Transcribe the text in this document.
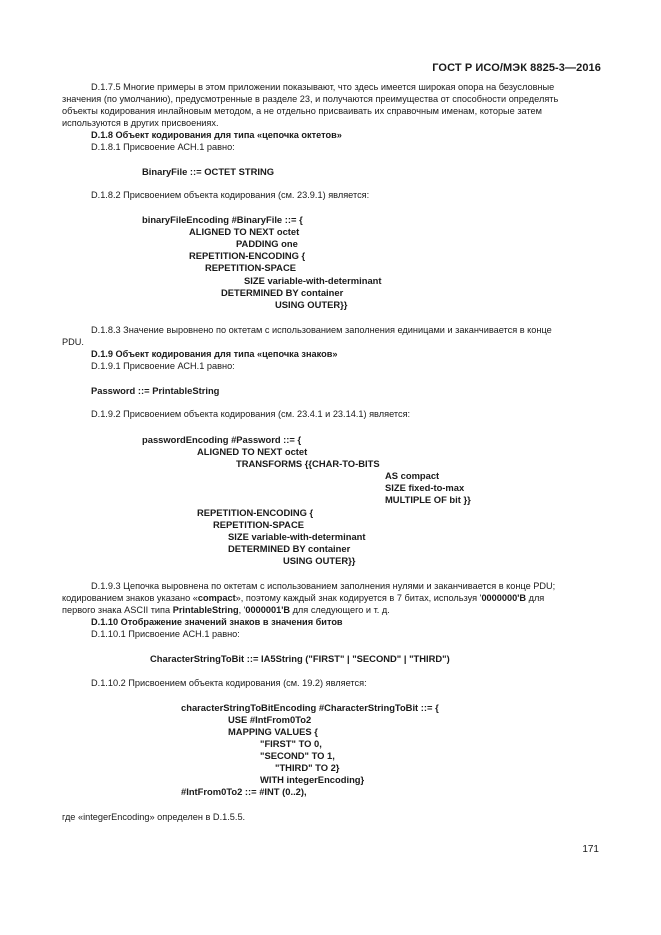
ГОСТ Р ИСО/МЭК 8825-3—2016
D.1.7.5 Многие примеры в этом приложении показывают, что здесь имеется широкая опора на безусловные
значения (по умолчанию), предусмотренные в разделе 23, и получаются преимущества от способности определять
объекты кодирования инлайновым методом, а не отдельно присваивать их справочным именам, которые затем
используются в других присвоениях.
D.1.8 Объект кодирования для типа «цепочка октетов»
D.1.8.1 Присвоение АСН.1 равно:
BinaryFile ::= OCTET STRING
D.1.8.2 Присвоением объекта кодирования (см. 23.9.1) является:
binaryFileEncoding #BinaryFile ::= {
ALIGNED TO NEXT octet
PADDING one
REPETITION-ENCODING {
REPETITION-SPACE
SIZE variable-with-determinant
DETERMINED BY container
USING OUTER}}
D.1.8.3 Значение выровнено по октетам с использованием заполнения единицами и заканчивается в конце
PDU.
D.1.9 Объект кодирования для типа «цепочка знаков»
D.1.9.1 Присвоение АСН.1 равно:
Password ::= PrintableString
D.1.9.2 Присвоением объекта кодирования (см. 23.4.1 и 23.14.1) является:
passwordEncoding #Password ::= {
ALIGNED TO NEXT octet
TRANSFORMS {{CHAR-TO-BITS
AS compact
SIZE fixed-to-max
MULTIPLE OF bit }}
REPETITION-ENCODING {
REPETITION-SPACE
SIZE variable-with-determinant
DETERMINED BY container
USING OUTER}}
D.1.9.3 Цепочка выровнена по октетам с использованием заполнения нулями и заканчивается в конце PDU;
кодированием знаков указано «compact», поэтому каждый знак кодируется в 7 битах, используя '0000000'B для
первого знака ASCII типа PrintableString, '0000001'B для следующего и т. д.
D.1.10 Отображение значений знаков в значения битов
D.1.10.1 Присвоение АСН.1 равно:
CharacterStringToBit ::= IA5String ("FIRST" | "SECOND" | "THIRD")
D.1.10.2 Присвоением объекта кодирования (см. 19.2) является:
characterStringToBitEncoding #CharacterStringToBit ::= {
USE #IntFrom0To2
MAPPING VALUES {
"FIRST" TO 0,
"SECOND" TO 1,
"THIRD" TO 2}
WITH integerEncoding}
#IntFrom0To2 ::= #INT (0..2),
где «integerEncoding» определен в D.1.5.5.
171
